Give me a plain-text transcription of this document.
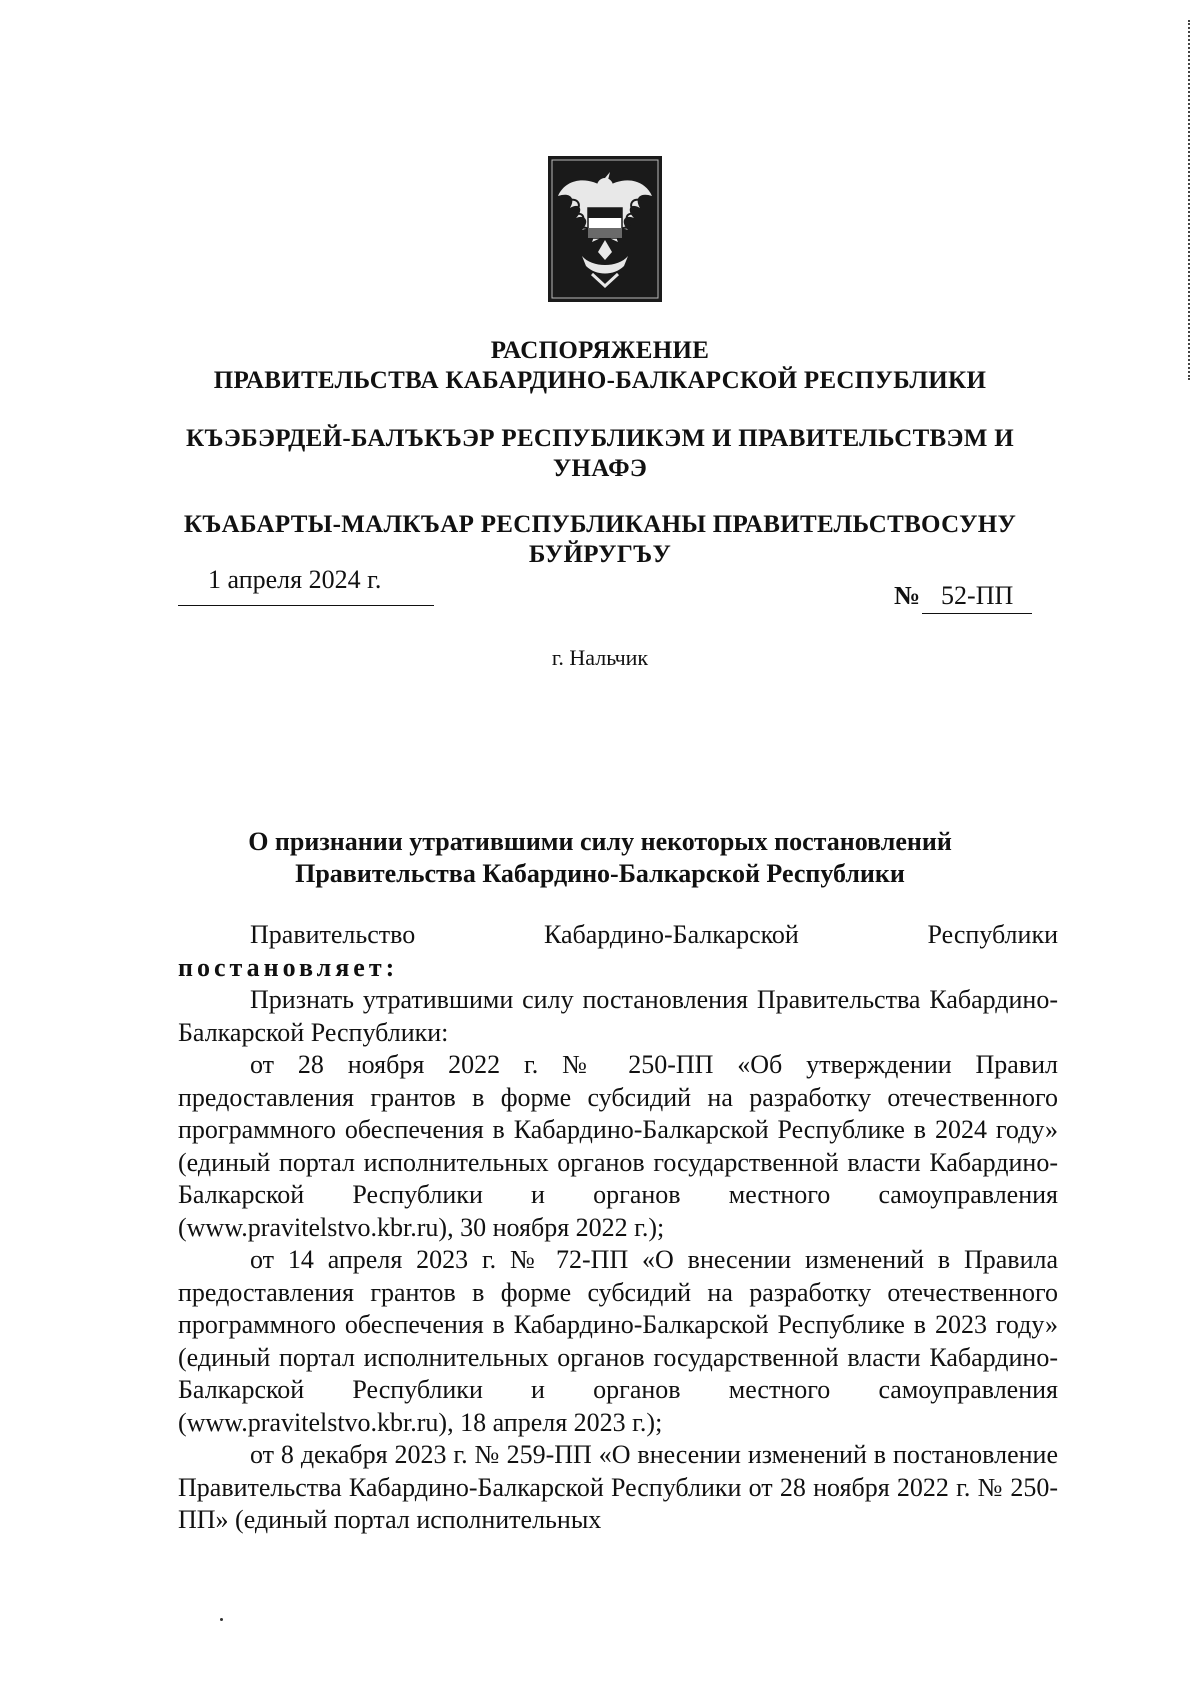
РАСПОРЯЖЕНИЕ
ПРАВИТЕЛЬСТВА КАБАРДИНО-БАЛКАРСКОЙ РЕСПУБЛИКИ
КЪЭБЭРДЕЙ-БАЛЪКЪЭР РЕСПУБЛИКЭМ И ПРАВИТЕЛЬСТВЭМ И УНАФЭ
КЪАБАРТЫ-МАЛКЪАР РЕСПУБЛИКАНЫ ПРАВИТЕЛЬСТВОСУНУ БУЙРУГЪУ
1 апреля 2024 г.
№ 52-ПП
г. Нальчик
О признании утратившими силу некоторых постановлений
Правительства Кабардино-Балкарской Республики

Правительство Кабардино-Балкарской Республики

постановляет:

Признать утратившими силу постановления Правительства Кабардино-Балкарской Республики:

от 28 ноября 2022 г. № 250-ПП «Об утверждении Правил предоставления грантов в форме субсидий на разработку отечественного программного обеспечения в Кабардино-Балкарской Республике в 2024 году» (единый портал исполнительных органов государственной власти Кабардино-Балкарской Республики и органов местного самоуправления (www.pravitelstvo.kbr.ru), 30 ноября 2022 г.);

от 14 апреля 2023 г. № 72-ПП «О внесении изменений в Правила предоставления грантов в форме субсидий на разработку отечественного программного обеспечения в Кабардино-Балкарской Республике в 2023 году» (единый портал исполнительных органов государственной власти Кабардино-Балкарской Республики и органов местного самоуправления (www.pravitelstvo.kbr.ru), 18 апреля 2023 г.);

от 8 декабря 2023 г. № 259-ПП «О внесении изменений в постановление Правительства Кабардино-Балкарской Республики от 28 ноября 2022 г. № 250-ПП» (единый портал исполнительных
